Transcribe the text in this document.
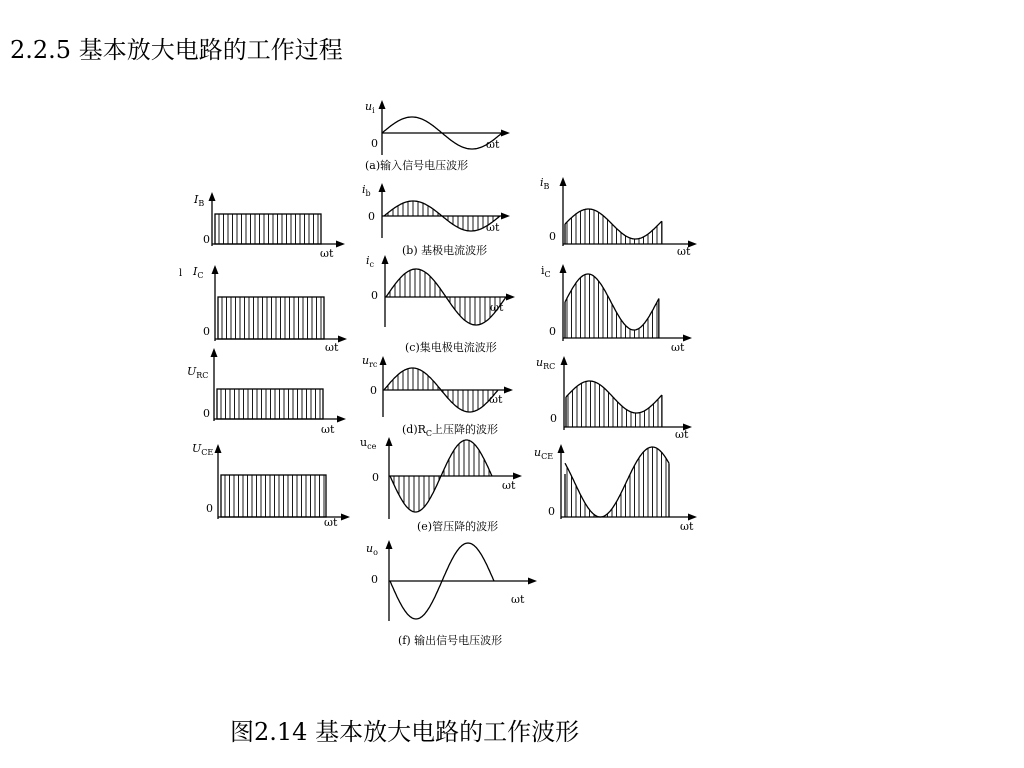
2.2.5 基本放大电路的工作过程
$I_B$
0
ωt
$I_C$
0
ωt
l
$U_{RC}$
0
ωt
$U_{CE}$
0
ωt
$u_i$
0	ωt
(a)输入信号电压波形
$i_b$
0
ωt
(b) 基极电流波形
$i_c$
0
ωt
(c)集电极电流波形
$u_{rc}$
0
ωt
$(d)R_C$上压降的波形
$u_{ce}$
0
ωt
(e)管压降的波形
$u_o$
0
ωt
(f) 输出信号电压波形
$i_B$
0
ωt
$i_C$
0
ωt
$u_{RC}$
0
ωt
$u_{CE}$
0
ωt
图2.14 基本放大电路的工作波形
